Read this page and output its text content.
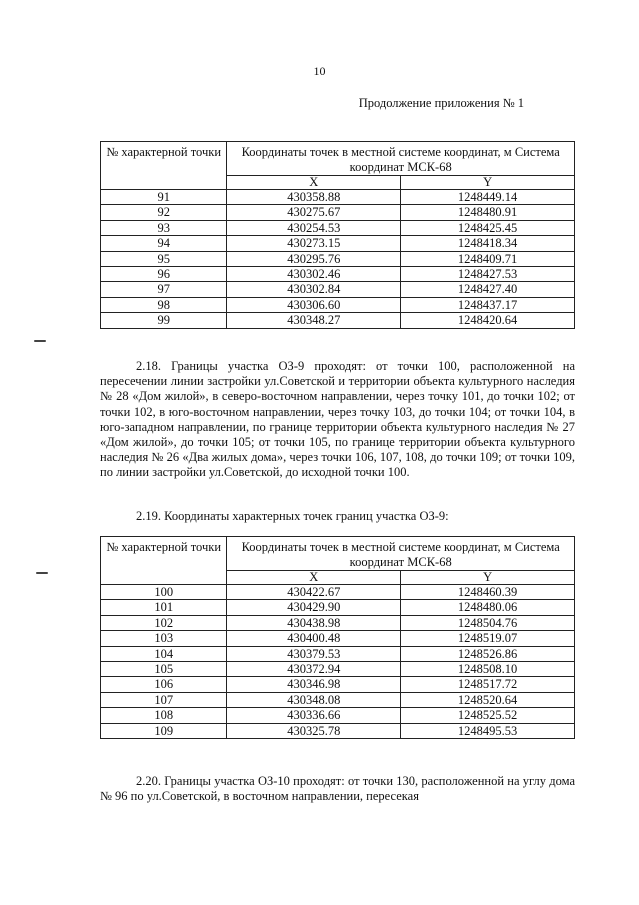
10
Продолжение приложения № 1
№ характерной точки	Координаты точек в местной системе координат, м Система координат МСК-68	
	X	Y
91	430358.88	1248449.14
92	430275.67	1248480.91
93	430254.53	1248425.45
94	430273.15	1248418.34
95	430295.76	1248409.71
96	430302.46	1248427.53
97	430302.84	1248427.40
98	430306.60	1248437.17
99	430348.27	1248420.64
2.18. Границы участка ОЗ-9 проходят: от точки 100, расположенной на пересечении линии застройки ул.Советской и территории объекта культурного наследия № 28 «Дом жилой», в северо-восточном направлении, через точку 101, до точки 102; от точки 102, в юго-восточном направлении, через точку 103, до точки 104; от точки 104, в юго-западном направлении, по границе территории объекта культурного наследия № 27 «Дом жилой», до точки 105; от точки 105, по границе территории объекта культурного наследия № 26 «Два жилых дома», через точки 106, 107, 108, до точки 109; от точки 109, по линии застройки ул.Советской, до исходной точки 100.
2.19. Координаты характерных точек границ участка ОЗ-9:
№ характерной точки	Координаты точек в местной системе координат, м Система координат МСК-68	
	X	Y
100	430422.67	1248460.39
101	430429.90	1248480.06
102	430438.98	1248504.76
103	430400.48	1248519.07
104	430379.53	1248526.86
105	430372.94	1248508.10
106	430346.98	1248517.72
107	430348.08	1248520.64
108	430336.66	1248525.52
109	430325.78	1248495.53
2.20. Границы участка ОЗ-10 проходят: от точки 130, расположенной на углу дома № 96 по ул.Советской, в восточном направлении, пересекая
